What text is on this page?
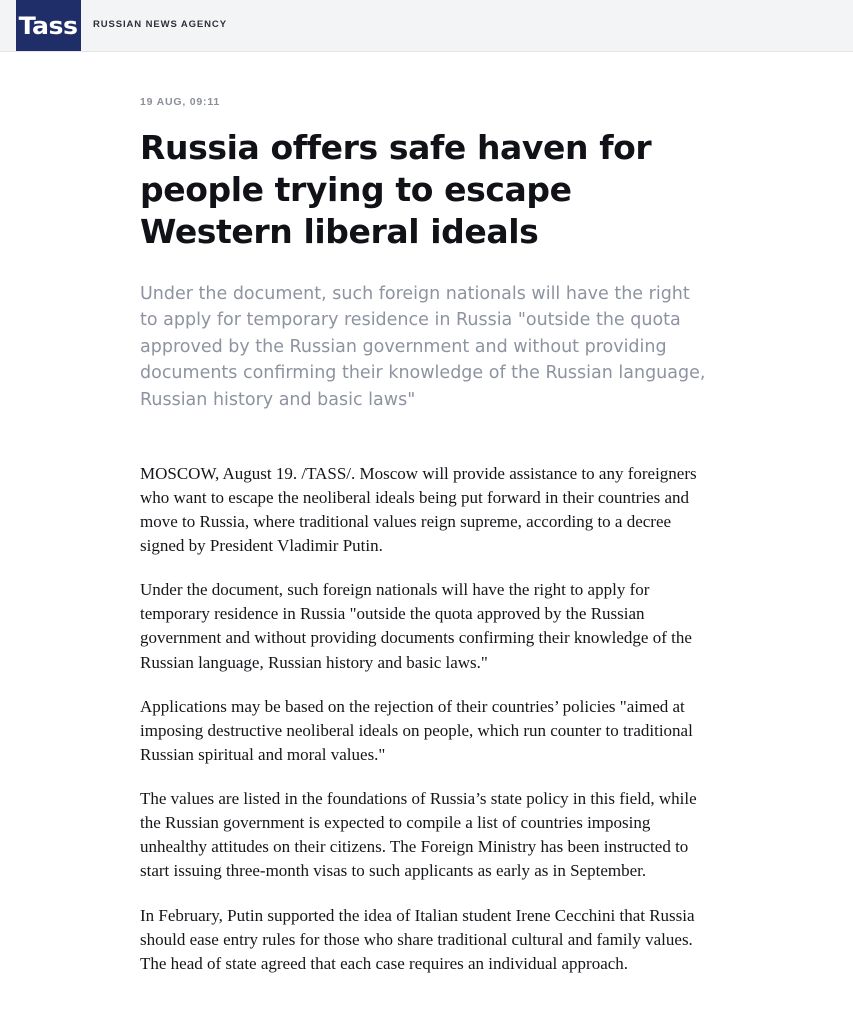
Tass RUSSIAN NEWS AGENCY
19 AUG, 09:11
Russia offers safe haven for people trying to escape Western liberal ideals
Under the document, such foreign nationals will have the right to apply for temporary residence in Russia "outside the quota approved by the Russian government and without providing documents confirming their knowledge of the Russian language, Russian history and basic laws"

MOSCOW, August 19. /TASS/. Moscow will provide assistance to any foreigners who want to escape the neoliberal ideals being put forward in their countries and move to Russia, where traditional values reign supreme, according to a decree signed by President Vladimir Putin.

Under the document, such foreign nationals will have the right to apply for temporary residence in Russia "outside the quota approved by the Russian government and without providing documents confirming their knowledge of the Russian language, Russian history and basic laws."

Applications may be based on the rejection of their countries’ policies "aimed at imposing destructive neoliberal ideals on people, which run counter to traditional Russian spiritual and moral values."

The values are listed in the foundations of Russia’s state policy in this field, while the Russian government is expected to compile a list of countries imposing unhealthy attitudes on their citizens. The Foreign Ministry has been instructed to start issuing three-month visas to such applicants as early as in September.

In February, Putin supported the idea of Italian student Irene Cecchini that Russia should ease entry rules for those who share traditional cultural and family values. The head of state agreed that each case requires an individual approach.
